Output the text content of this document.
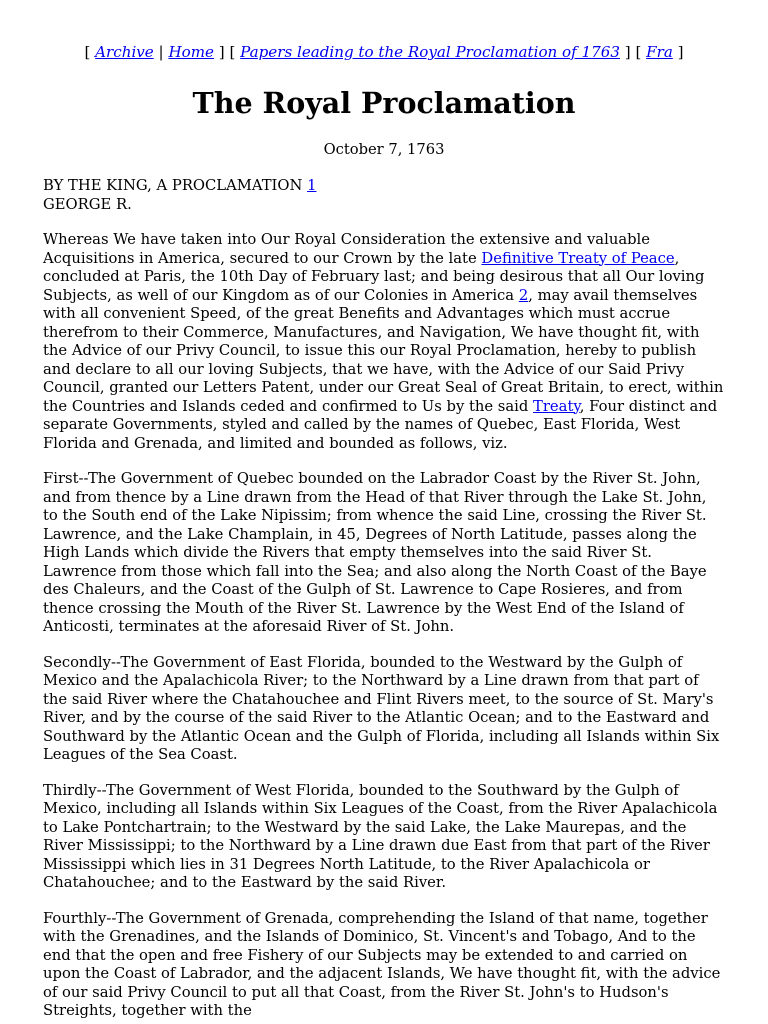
[ Archive | Home ] [ Papers leading to the Royal Proclamation of 1763 ] [ Fra ]
The Royal Proclamation
October 7, 1763

BY THE KING, A PROCLAMATION 1
GEORGE R.

Whereas We have taken into Our Royal Consideration the extensive and valuable Acquisitions in America, secured to our Crown by the late Definitive Treaty of Peace, concluded at Paris, the 10th Day of February last; and being desirous that all Our loving Subjects, as well of our Kingdom as of our Colonies in America 2, may avail themselves with all convenient Speed, of the great Benefits and Advantages which must accrue therefrom to their Commerce, Manufactures, and Navigation, We have thought fit, with the Advice of our Privy Council, to issue this our Royal Proclamation, hereby to publish and declare to all our loving Subjects, that we have, with the Advice of our Said Privy Council, granted our Letters Patent, under our Great Seal of Great Britain, to erect, within the Countries and Islands ceded and confirmed to Us by the said Treaty, Four distinct and separate Governments, styled and called by the names of Quebec, East Florida, West Florida and Grenada, and limited and bounded as follows, viz.

First--The Government of Quebec bounded on the Labrador Coast by the River St. John, and from thence by a Line drawn from the Head of that River through the Lake St. John, to the South end of the Lake Nipissim; from whence the said Line, crossing the River St. Lawrence, and the Lake Champlain, in 45, Degrees of North Latitude, passes along the High Lands which divide the Rivers that empty themselves into the said River St. Lawrence from those which fall into the Sea; and also along the North Coast of the Baye des Chaleurs, and the Coast of the Gulph of St. Lawrence to Cape Rosieres, and from thence crossing the Mouth of the River St. Lawrence by the West End of the Island of Anticosti, terminates at the aforesaid River of St. John.

Secondly--The Government of East Florida, bounded to the Westward by the Gulph of Mexico and the Apalachicola River; to the Northward by a Line drawn from that part of the said River where the Chatahouchee and Flint Rivers meet, to the source of St. Mary's River, and by the course of the said River to the Atlantic Ocean; and to the Eastward and Southward by the Atlantic Ocean and the Gulph of Florida, including all Islands within Six Leagues of the Sea Coast.

Thirdly--The Government of West Florida, bounded to the Southward by the Gulph of Mexico, including all Islands within Six Leagues of the Coast, from the River Apalachicola to Lake Pontchartrain; to the Westward by the said Lake, the Lake Maurepas, and the River Mississippi; to the Northward by a Line drawn due East from that part of the River Mississippi which lies in 31 Degrees North Latitude, to the River Apalachicola or Chatahouchee; and to the Eastward by the said River.

Fourthly--The Government of Grenada, comprehending the Island of that name, together with the Grenadines, and the Islands of Dominico, St. Vincent's and Tobago, And to the end that the open and free Fishery of our Subjects may be extended to and carried on upon the Coast of Labrador, and the adjacent Islands, We have thought fit, with the advice of our said Privy Council to put all that Coast, from the River St. John's to Hudson's Streights, together with the
